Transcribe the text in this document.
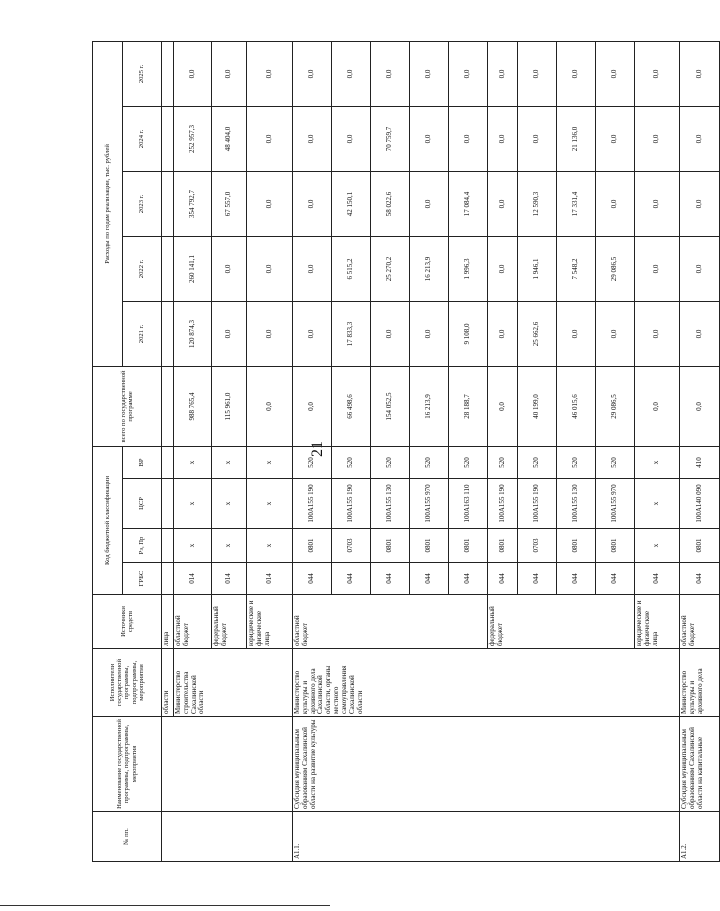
21
№ пп.	Наименование государственной программы, подпрограммы, мероприятия	Исполнители государственной программы, подпрограммы, мероприятия	Источники средств	Код бюджетной классификации				всего по государственной программе	Расходы по годам реализации, тыс. рублей				
				ГРБС	Рз, Пр	ЦСР	ВР		2021 г.	2022 г.	2023 г.	2024 г.	2025 г.
		области	лица										
		Министерство строительства Сахалинской области	областной бюджет	014	х	х	х	988 765,4	120 874,3	260 141,1	354 792,7	252 957,3	0,0
			федеральный бюджет	014	х	х	х	115 961,0	0,0	0,0	67 557,0	48 404,0	0,0
			юридические и физические лица	014	х	х	х	0,0	0,0	0,0	0,0	0,0	0,0
А1.1.	Субсидия муниципальным образованиям Сахалинской области на развитие культуры	Министерство культуры и архивного дела Сахалинской области, органы местного самоуправления Сахалинской области	областной бюджет	044	0801	100А155 190	520	0,0	0,0	0,0	0,0	0,0	0,0
				044	0703	100А155 190	520	66 498,6	17 833,3	6 515,2	42 150,1	0,0	0,0
				044	0801	100А155 130	520	154 052,5	0,0	25 270,2	58 022,6	70 759,7	0,0
				044	0801	100А155 970	520	16 213,9	0,0	16 213,9	0,0	0,0	0,0
				044	0801	100А163 110	520	28 188,7	9 108,0	1 996,3	17 084,4	0,0	0,0
			федеральный бюджет	044	0801	100А155 190	520	0,0	0,0	0,0	0,0	0,0	0,0
				044	0703	100А155 190	520	40 199,0	25 662,6	1 946,1	12 590,3	0,0	0,0
				044	0801	100А155 130	520	46 015,6	0,0	7 548,2	17 331,4	21 136,0	0,0
				044	0801	100А155 970	520	29 086,5	0,0	29 086,5	0,0	0,0	0,0
			юридические и физические лица	044	х	х	х	0,0	0,0	0,0	0,0	0,0	0,0
А1.2.	Субсидия муниципальным образованиям Сахалинской области на капитальные	Министерство культуры и архивного дела	областной бюджет	044	0801	100А140 090	410	0,0	0,0	0,0	0,0	0,0	0,0
